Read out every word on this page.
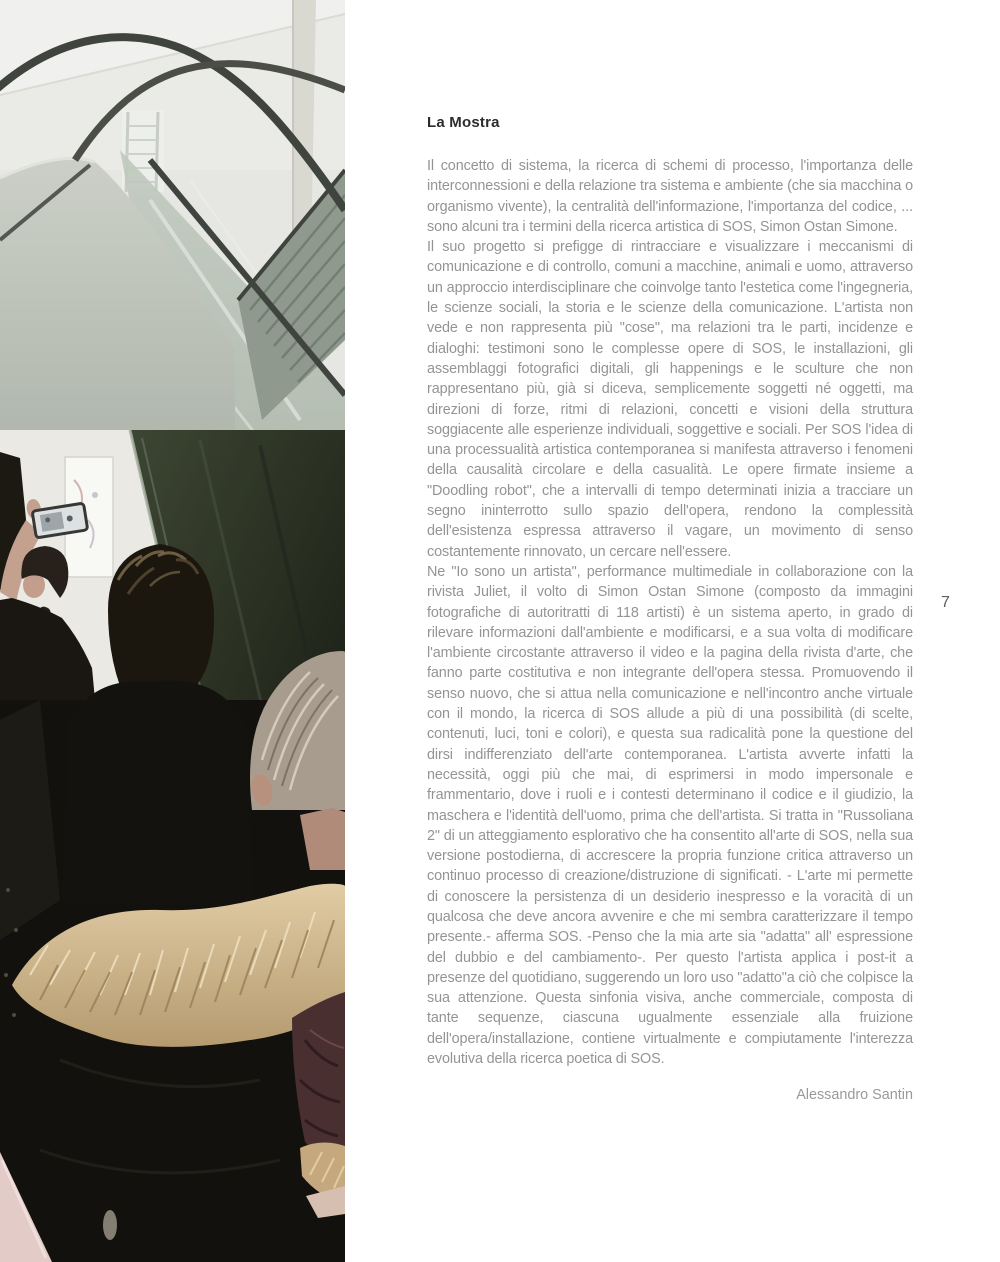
La Mostra

Il concetto di sistema, la ricerca di schemi di processo, l'importanza delle interconnessioni e della relazione tra sistema e ambiente (che sia macchina o organismo vivente), la centralità dell'informazione, l'importanza del codice, ... sono alcuni tra i termini della ricerca artistica di SOS, Simon Ostan Simone.

Il suo progetto si prefigge di rintracciare e visualizzare i meccanismi di comunicazione e di controllo, comuni a macchine, animali e uomo, attraverso un approccio interdisciplinare che coinvolge tanto l'estetica come l'ingegneria, le scienze sociali, la storia e le scienze della comunicazione. L'artista non vede e non rappresenta più "cose", ma relazioni tra le parti, incidenze e dialoghi: testimoni sono le complesse opere di SOS, le installazioni, gli assemblaggi fotografici digitali, gli happenings e le sculture che non rappresentano più, già si diceva, semplicemente soggetti né oggetti, ma direzioni di forze, ritmi di relazioni, concetti e visioni della struttura soggiacente alle esperienze individuali, soggettive e sociali. Per SOS l'idea di una processualità artistica contemporanea si manifesta attraverso i fenomeni della causalità circolare e della casualità. Le opere firmate insieme a "Doodling robot", che a intervalli di tempo determinati inizia a tracciare un segno ininterrotto sullo spazio dell'opera, rendono la complessità dell'esistenza espressa attraverso il vagare, un movimento di senso costantemente rinnovato, un cercare nell'essere.

Ne "Io sono un artista", performance multimediale in collaborazione con la rivista Juliet, il volto di Simon Ostan Simone (composto da immagini fotografiche di autoritratti di 118 artisti) è un sistema aperto, in grado di rilevare informazioni dall'ambiente e modificarsi, e a sua volta di modificare l'ambiente circostante attraverso il video e la pagina della rivista d'arte, che fanno parte costitutiva e non integrante dell'opera stessa. Promuovendo il senso nuovo, che si attua nella comunicazione e nell'incontro anche virtuale con il mondo, la ricerca di SOS allude a più di una possibilità (di scelte, contenuti, luci, toni e colori), e questa sua radicalità pone la questione del dirsi indifferenziato dell'arte contemporanea. L'artista avverte infatti la necessità, oggi più che mai, di esprimersi in modo impersonale e frammentario, dove i ruoli e i contesti determinano il codice e il giudizio, la maschera e l'identità dell'uomo, prima che dell'artista. Si tratta in "Russoliana 2" di un atteggiamento esplorativo che ha consentito all'arte di SOS, nella sua versione postodierna, di accrescere la propria funzione critica attraverso un continuo processo di creazione/distruzione di significati. - L'arte mi permette di conoscere la persistenza di un desiderio inespresso e la voracità di un qualcosa che deve ancora avvenire e che mi sembra caratterizzare il tempo presente.- afferma SOS. -Penso che la mia arte sia "adatta" all' espressione del dubbio e del cambiamento-. Per questo l'artista applica i post-it a presenze del quotidiano, suggerendo un loro uso "adatto"a ciò che colpisce la sua attenzione. Questa sinfonia visiva, anche commerciale, composta di tante sequenze, ciascuna ugualmente essenziale alla fruizione dell'opera/installazione, contiene virtualmente e compiutamente l'interezza evolutiva della ricerca poetica di SOS.

Alessandro Santin
7
